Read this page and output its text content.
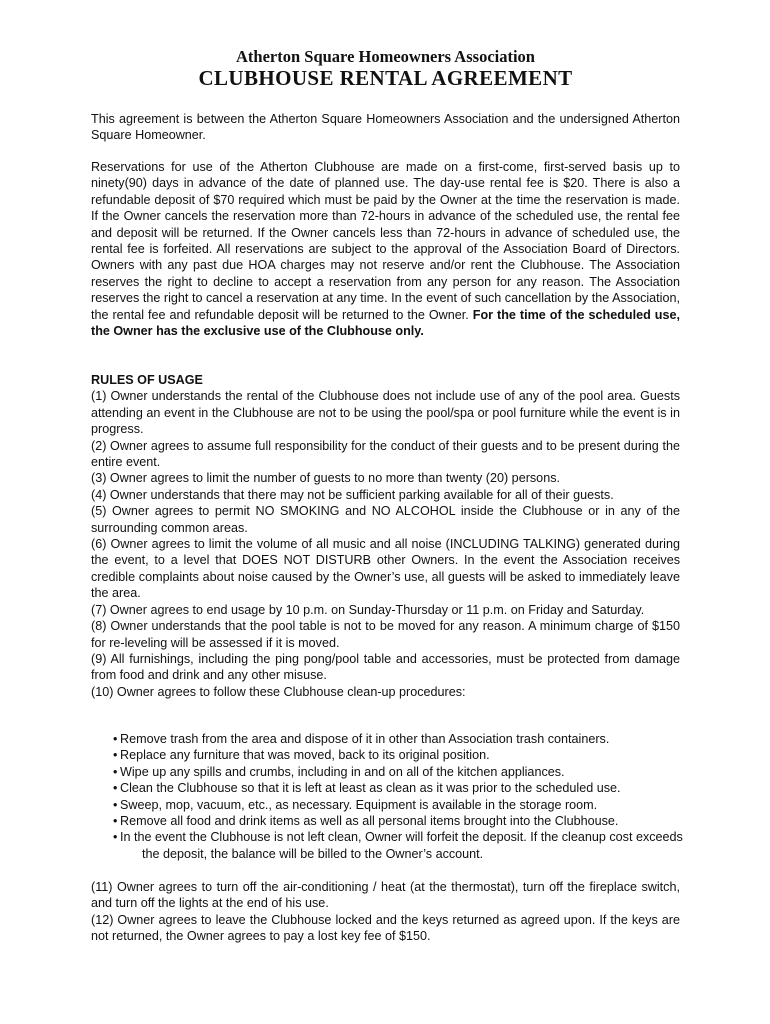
Atherton Square Homeowners Association
CLUBHOUSE RENTAL AGREEMENT

This agreement is between the Atherton Square Homeowners Association and the undersigned Atherton Square Homeowner.

Reservations for use of the Atherton Clubhouse are made on a first-come, first-served basis up to ninety(90) days in advance of the date of planned use. The day-use rental fee is $20. There is also a refundable deposit of $70 required which must be paid by the Owner at the time the reservation is made. If the Owner cancels the reservation more than 72-hours in advance of the scheduled use, the rental fee and deposit will be returned. If the Owner cancels less than 72-hours in advance of scheduled use, the rental fee is forfeited. All reservations are subject to the approval of the Association Board of Directors. Owners with any past due HOA charges may not reserve and/or rent the Clubhouse. The Association reserves the right to decline to accept a reservation from any person for any reason. The Association reserves the right to cancel a reservation at any time. In the event of such cancellation by the Association, the rental fee and refundable deposit will be returned to the Owner. For the time of the scheduled use, the Owner has the exclusive use of the Clubhouse only.

RULES OF USAGE

(1) Owner understands the rental of the Clubhouse does not include use of any of the pool area. Guests attending an event in the Clubhouse are not to be using the pool/spa or pool furniture while the event is in progress.

(2) Owner agrees to assume full responsibility for the conduct of their guests and to be present during the entire event.

(3) Owner agrees to limit the number of guests to no more than twenty (20) persons.

(4) Owner understands that there may not be sufficient parking available for all of their guests.

(5) Owner agrees to permit NO SMOKING and NO ALCOHOL inside the Clubhouse or in any of the surrounding common areas.

(6) Owner agrees to limit the volume of all music and all noise (INCLUDING TALKING) generated during the event, to a level that DOES NOT DISTURB other Owners. In the event the Association receives credible complaints about noise caused by the Owner’s use, all guests will be asked to immediately leave the area.

(7) Owner agrees to end usage by 10 p.m. on Sunday-Thursday or 11 p.m. on Friday and Saturday.

(8) Owner understands that the pool table is not to be moved for any reason. A minimum charge of $150 for re-leveling will be assessed if it is moved.

(9) All furnishings, including the ping pong/pool table and accessories, must be protected from damage from food and drink and any other misuse.

(10) Owner agrees to follow these Clubhouse clean-up procedures:

• Remove trash from the area and dispose of it in other than Association trash containers.
• Replace any furniture that was moved, back to its original position.
• Wipe up any spills and crumbs, including in and on all of the kitchen appliances.
• Clean the Clubhouse so that it is left at least as clean as it was prior to the scheduled use.
• Sweep, mop, vacuum, etc., as necessary. Equipment is available in the storage room.
• Remove all food and drink items as well as all personal items brought into the Clubhouse.
• In the event the Clubhouse is not left clean, Owner will forfeit the deposit. If the cleanup cost exceeds the deposit, the balance will be billed to the Owner’s account.

(11) Owner agrees to turn off the air-conditioning / heat (at the thermostat), turn off the fireplace switch, and turn off the lights at the end of his use.

(12) Owner agrees to leave the Clubhouse locked and the keys returned as agreed upon. If the keys are not returned, the Owner agrees to pay a lost key fee of $150.
